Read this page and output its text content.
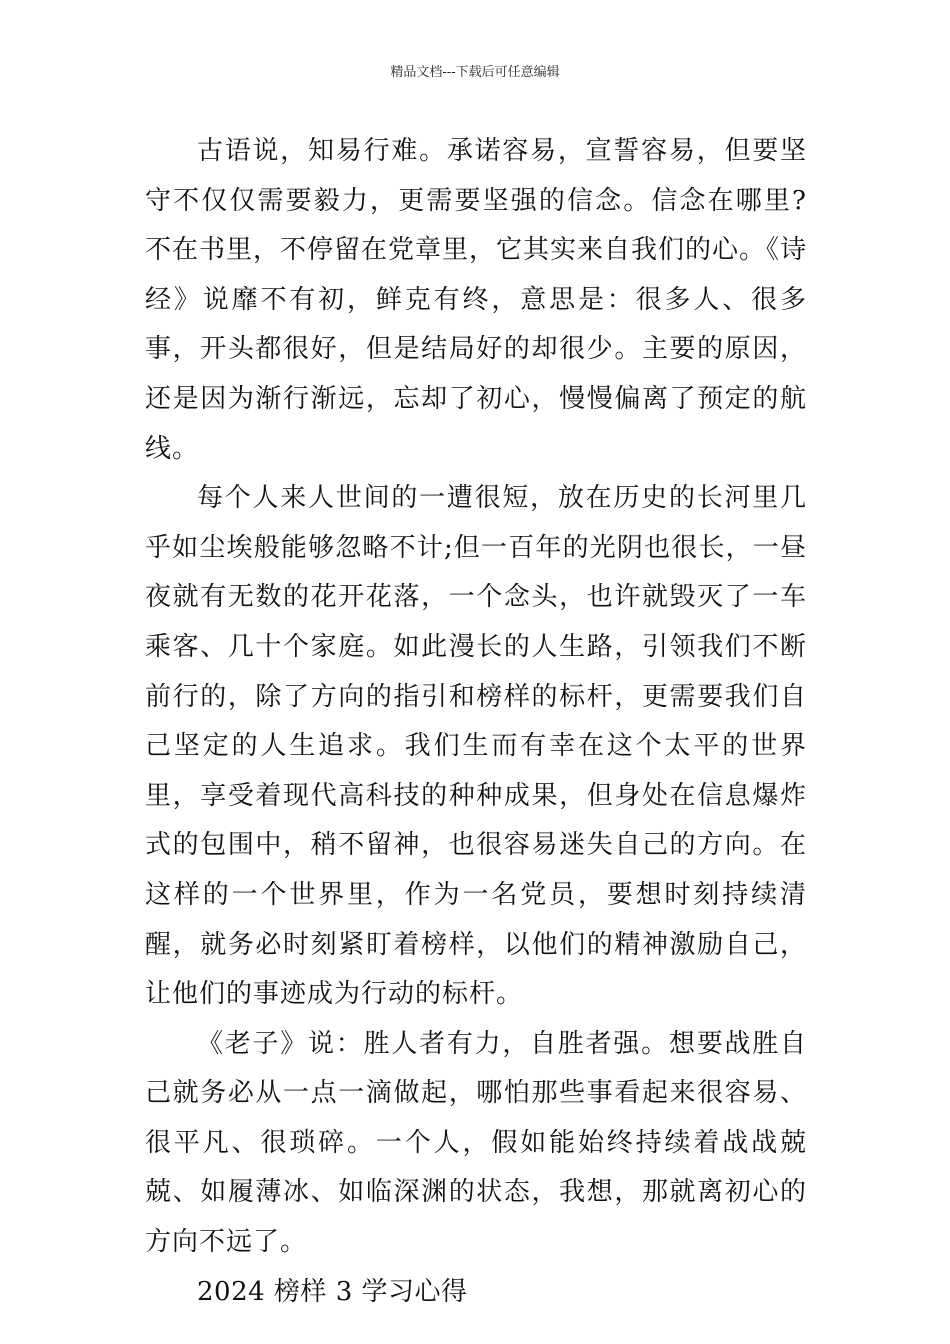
精品文档---下载后可任意编辑

古语说，知易行难。承诺容易，宣誓容易，但要坚守不仅仅需要毅力，更需要坚强的信念。信念在哪里?不在书里，不停留在党章里，它其实来自我们的心。《诗经》说靡不有初，鲜克有终，意思是：很多人、很多事，开头都很好，但是结局好的却很少。主要的原因，还是因为渐行渐远，忘却了初心，慢慢偏离了预定的航线。

每个人来人世间的一遭很短，放在历史的长河里几乎如尘埃般能够忽略不计;但一百年的光阴也很长，一昼夜就有无数的花开花落，一个念头，也许就毁灭了一车乘客、几十个家庭。如此漫长的人生路，引领我们不断前行的，除了方向的指引和榜样的标杆，更需要我们自己坚定的人生追求。我们生而有幸在这个太平的世界里，享受着现代高科技的种种成果，但身处在信息爆炸式的包围中，稍不留神，也很容易迷失自己的方向。在这样的一个世界里，作为一名党员，要想时刻持续清醒，就务必时刻紧盯着榜样，以他们的精神激励自己，让他们的事迹成为行动的标杆。

《老子》说：胜人者有力，自胜者强。想要战胜自己就务必从一点一滴做起，哪怕那些事看起来很容易、很平凡、很琐碎。一个人，假如能始终持续着战战兢兢、如履薄冰、如临深渊的状态，我想，那就离初心的方向不远了。

2024 榜样 3 学习心得
